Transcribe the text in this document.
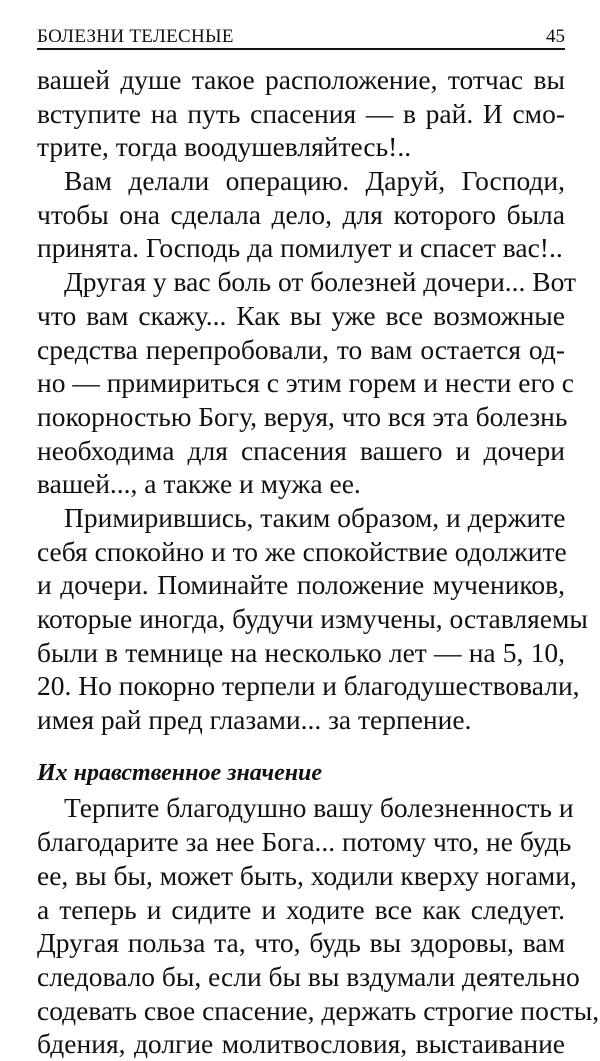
БОЛЕЗНИ ТЕЛЕСНЫЕ	45
вашей душе такое расположение, тотчас вы
вступите на путь спасения — в рай. И смо-
трите, тогда воодушевляйтесь!..
Вам делали операцию. Даруй, Господи,
чтобы она сделала дело, для которого была
принята. Господь да помилует и спасет вас!..
Другая у вас боль от болезней дочери... Вот
что вам скажу... Как вы уже все возможные
средства перепробовали, то вам остается од-
но — примириться с этим горем и нести его с
покорностью Богу, веруя, что вся эта болезнь
необходима для спасения вашего и дочери
вашей..., а также и мужа ее.
Примирившись, таким образом, и держите
себя спокойно и то же спокойствие одолжите
и дочери. Поминайте положение мучеников,
которые иногда, будучи измучены, оставляемы
были в темнице на несколько лет — на 5, 10,
20. Но покорно терпели и благодушествовали,
имея рай пред глазами... за терпение.
Их нравственное значение
Терпите благодушно вашу болезненность и
благодарите за нее Бога... потому что, не будь
ее, вы бы, может быть, ходили кверху ногами,
а теперь и сидите и ходите все как следует.
Другая польза та, что, будь вы здоровы, вам
следовало бы, если бы вы вздумали деятельно
содевать свое спасение, держать строгие посты,
бдения, долгие молитвословия, выстаивание
